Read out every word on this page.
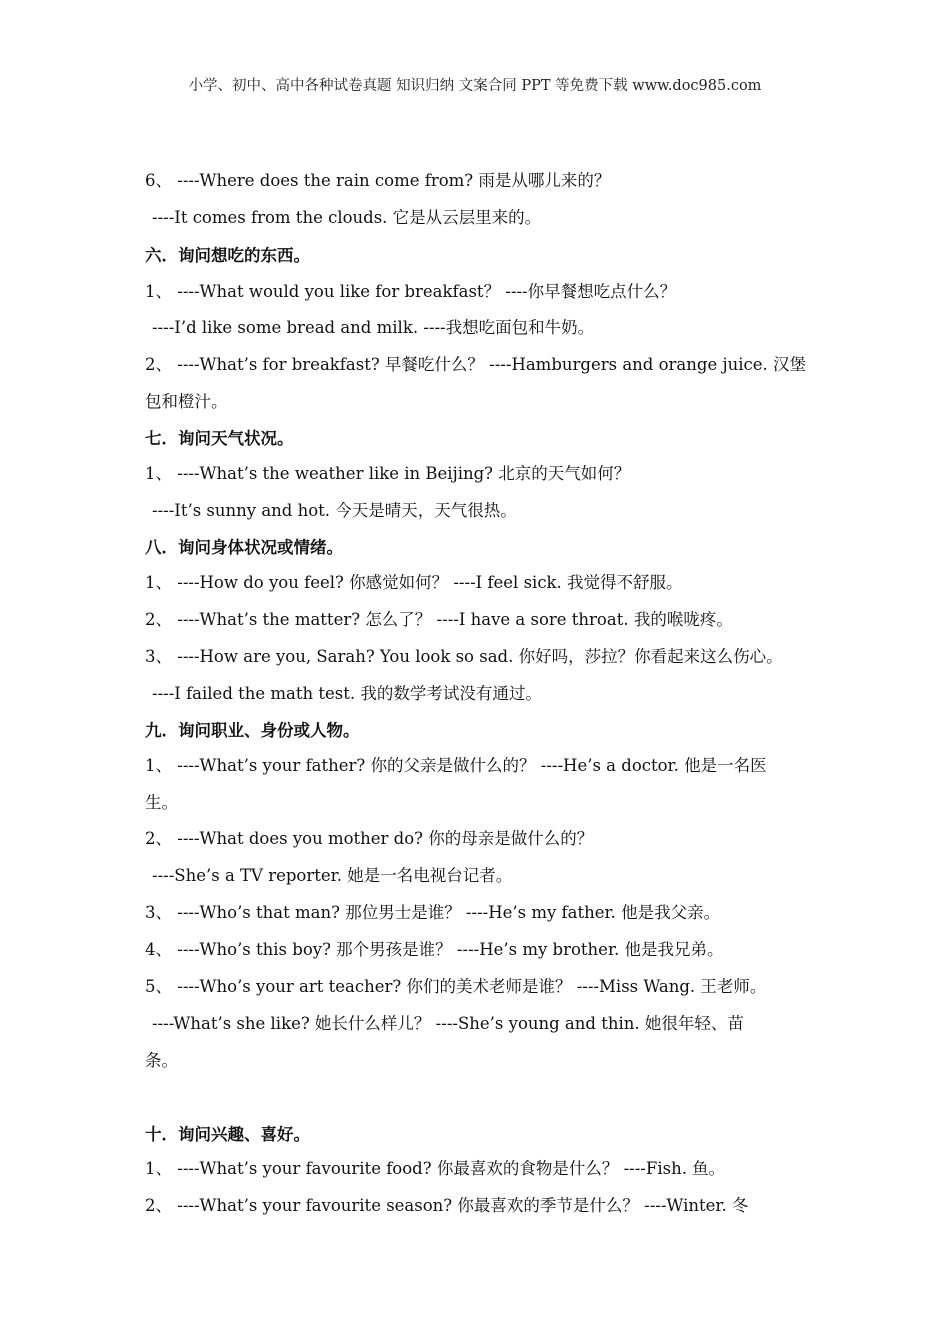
小学、初中、高中各种试卷真题 知识归纳 文案合同 PPT 等免费下载 www.doc985.com
6、 ----Where does the rain come from? 雨是从哪儿来的？
----It comes from the clouds. 它是从云层里来的。
六．询问想吃的东西。
1、 ----What would you like for breakfast？ ----你早餐想吃点什么？
----I’d like some bread and milk. ----我想吃面包和牛奶。
2、 ----What’s for breakfast? 早餐吃什么？ ----Hamburgers and orange juice. 汉堡
包和橙汁。
七．询问天气状况。
1、 ----What’s the weather like in Beijing? 北京的天气如何？
----It’s sunny and hot. 今天是晴天，天气很热。
八．询问身体状况或情绪。
1、 ----How do you feel? 你感觉如何？ ----I feel sick. 我觉得不舒服。
2、 ----What’s the matter? 怎么了？ ----I have a sore throat. 我的喉咙疼。
3、 ----How are you, Sarah? You look so sad. 你好吗，莎拉？你看起来这么伤心。
----I failed the math test. 我的数学考试没有通过。
九．询问职业、身份或人物。
1、 ----What’s your father? 你的父亲是做什么的？ ----He’s a doctor. 他是一名医
生。
2、 ----What does you mother do? 你的母亲是做什么的？
----She’s a TV reporter. 她是一名电视台记者。
3、 ----Who’s that man? 那位男士是谁？ ----He’s my father. 他是我父亲。
4、 ----Who’s this boy? 那个男孩是谁？ ----He’s my brother. 他是我兄弟。
5、 ----Who’s your art teacher? 你们的美术老师是谁？ ----Miss Wang. 王老师。
----What’s she like? 她长什么样儿？ ----She’s young and thin. 她很年轻、苗
条。
十．询问兴趣、喜好。
1、 ----What’s your favourite food? 你最喜欢的食物是什么？ ----Fish. 鱼。
2、 ----What’s your favourite season? 你最喜欢的季节是什么？ ----Winter. 冬
